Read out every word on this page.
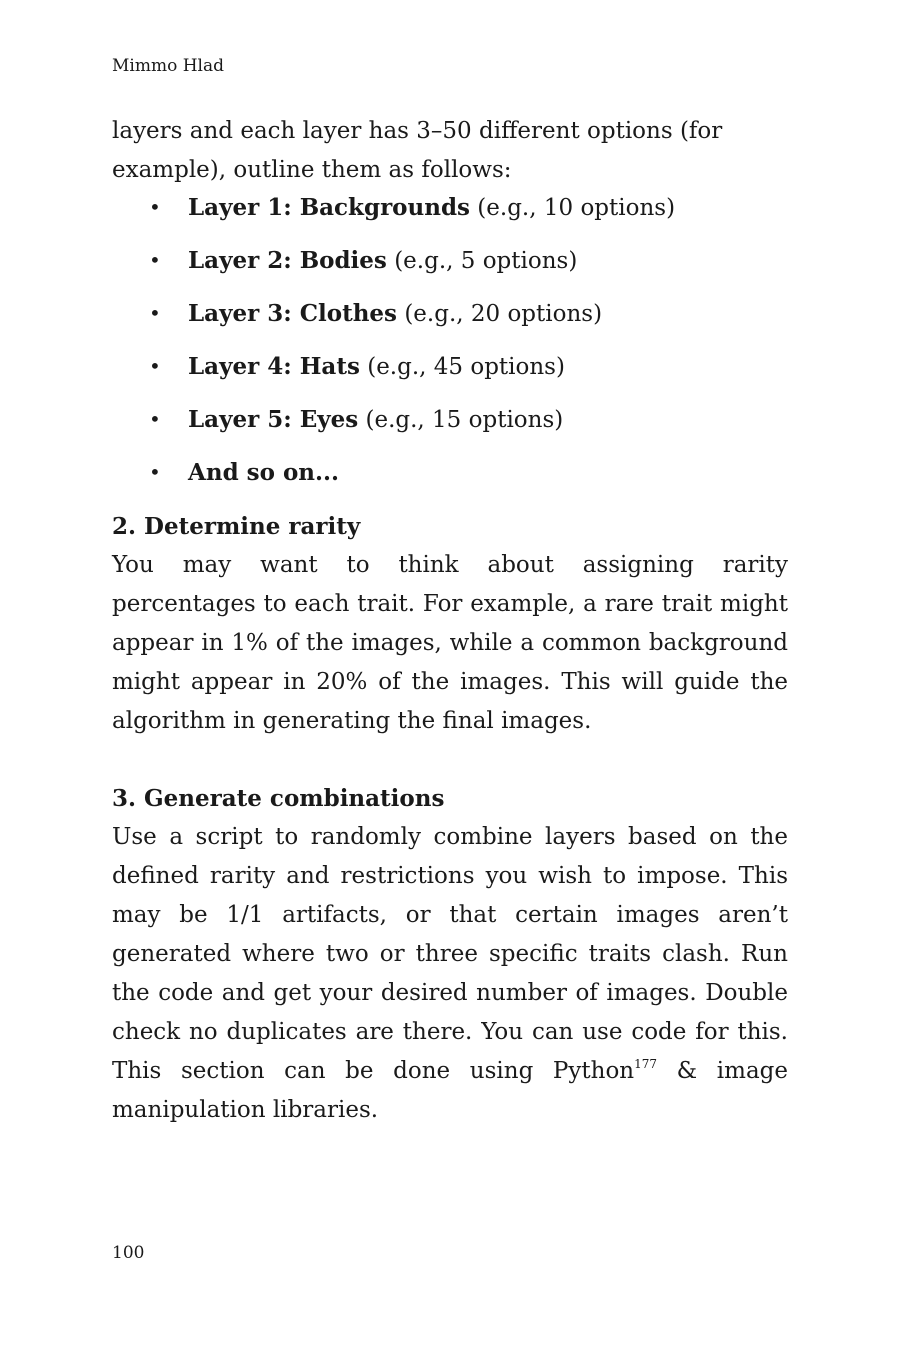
Mimmo Hlad
layers and each layer has 3–50 different options (for example), outline them as follows:
• Layer 1: Backgrounds (e.g., 10 options)
• Layer 2: Bodies (e.g., 5 options)
• Layer 3: Clothes (e.g., 20 options)
• Layer 4: Hats (e.g., 45 options)
• Layer 5: Eyes (e.g., 15 options)
• And so on...
2. Determine rarity
You may want to think about assigning rarity percentages to each trait. For example, a rare trait might appear in 1% of the images, while a common background might appear in 20% of the images. This will guide the algorithm in generating the final images.
3. Generate combinations
Use a script to randomly combine layers based on the defined rarity and restrictions you wish to impose. This may be 1/1 artifacts, or that certain images aren’t generated where two or three specific traits clash. Run the code and get your desired number of images. Double check no duplicates are there. You can use code for this. This section can be done using Python$^{177}$ & image manipulation libraries.
100
